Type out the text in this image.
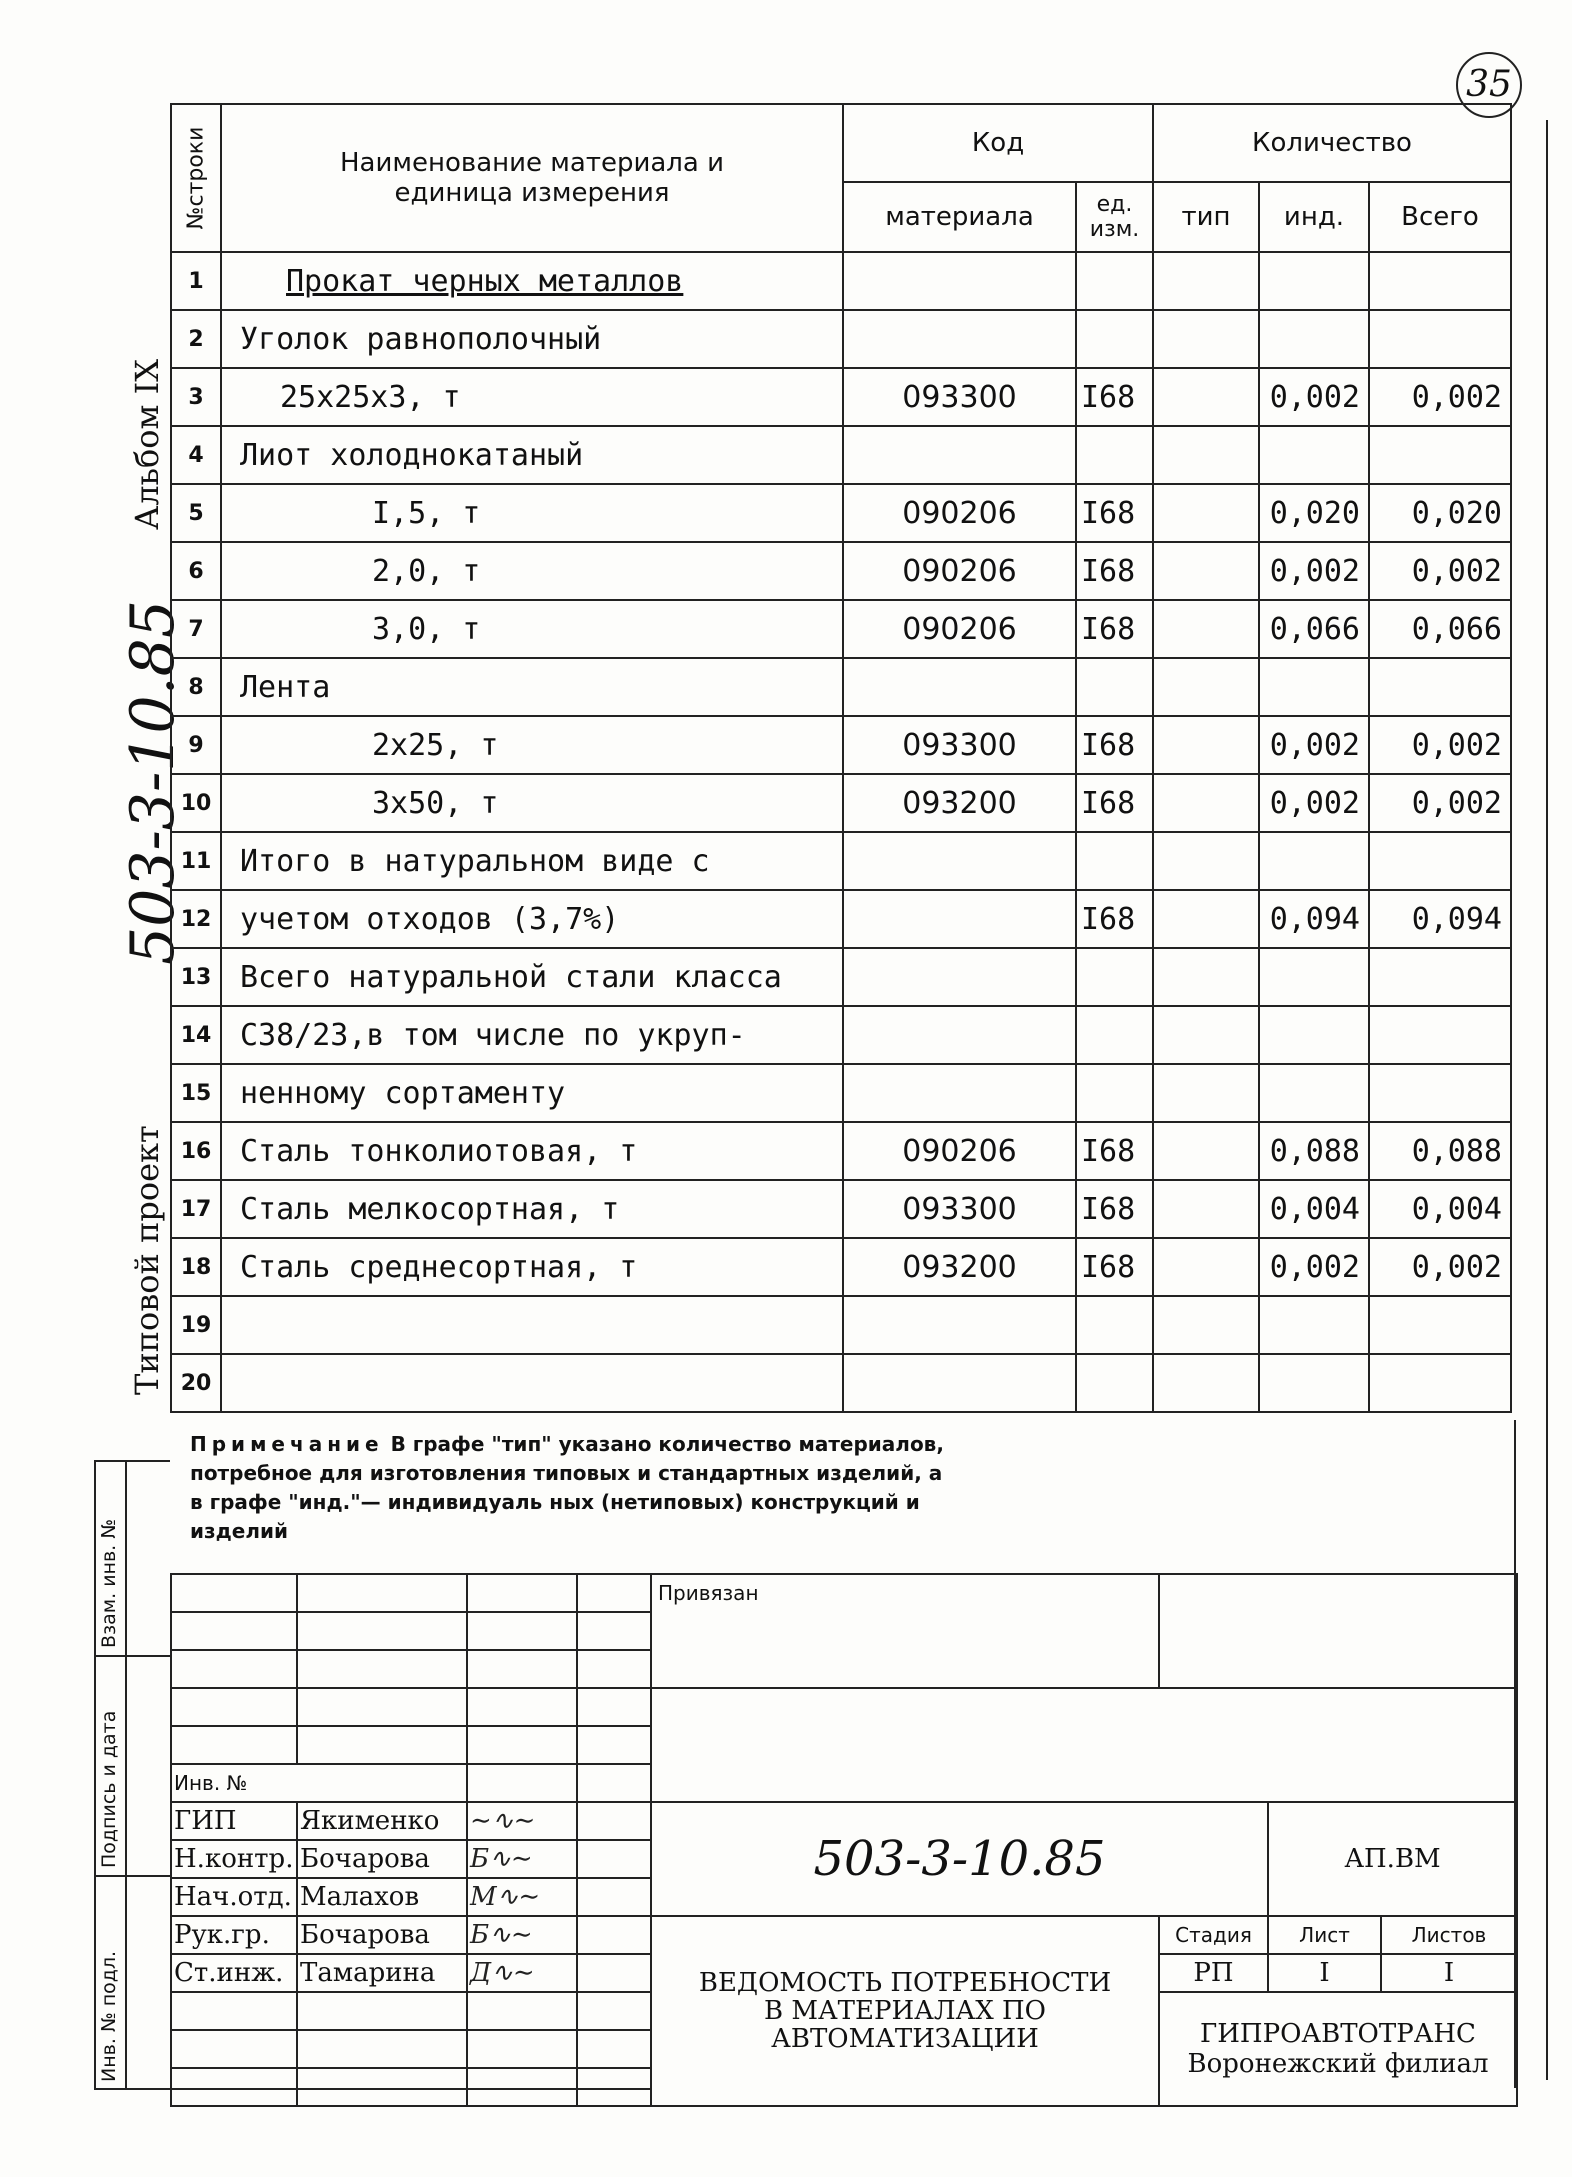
35
Альбом IX
503-3-10.85
Типовой проект
Взам. инв. №
Подпись и дата
Инв. № подл.
№строки	Наименование материала и единица измерения	Код		Количество		
		материала	ед. изм.	тип	инд.	Всего
1	Прокат черных металлов					
2	Уголок равнополочный					
3	25х25х3, т	093300	I68		0,002	0,002
4	Лиот холоднокатаный					
5	I,5, т	090206	I68		0,020	0,020
6	2,0, т	090206	I68		0,002	0,002
7	3,0, т	090206	I68		0,066	0,066
8	Лента					
9	2х25, т	093300	I68		0,002	0,002
10	3х50, т	093200	I68		0,002	0,002
11	Итого в натуральном виде с					
12	учетом отходов (3,7%)		I68		0,094	0,094
13	Всего натуральной стали класса					
14	С38/23,в том числе по укруп-					
15	ненному сортаменту					
16	Сталь тонколиотовая, т	090206	I68		0,088	0,088
17	Сталь мелкосортная, т	093300	I68		0,004	0,004
18	Сталь среднесортная, т	093200	I68		0,002	0,002
19						
20						
Примечание В графе "тип" указано количество материалов, потребное для изготовления типовых и стандартных изделий, а в графе "инд."— индивидуаль ных (нетиповых) конструкций и изделий
				Привязан			

Инв. №							
ГИП	Якименко	∼∿∼		503-3-10.85		АП.ВМ	
Н.контр.	Бочарова	Б∿∼					
Нач.отд.	Малахов	М∿∼					
Рук.гр.	Бочарова	Б∿∼		ВЕДОМОСТЬ ПОТРЕБНОСТИ В МАТЕРИАЛАХ ПО АВТОМАТИЗАЦИИ	Стадия	Лист	Листов
Ст.инж.	Тамарина	Д∿∼			РП	I	I

					ГИПРОАВТОТРАНС
Воронежский филиал		
